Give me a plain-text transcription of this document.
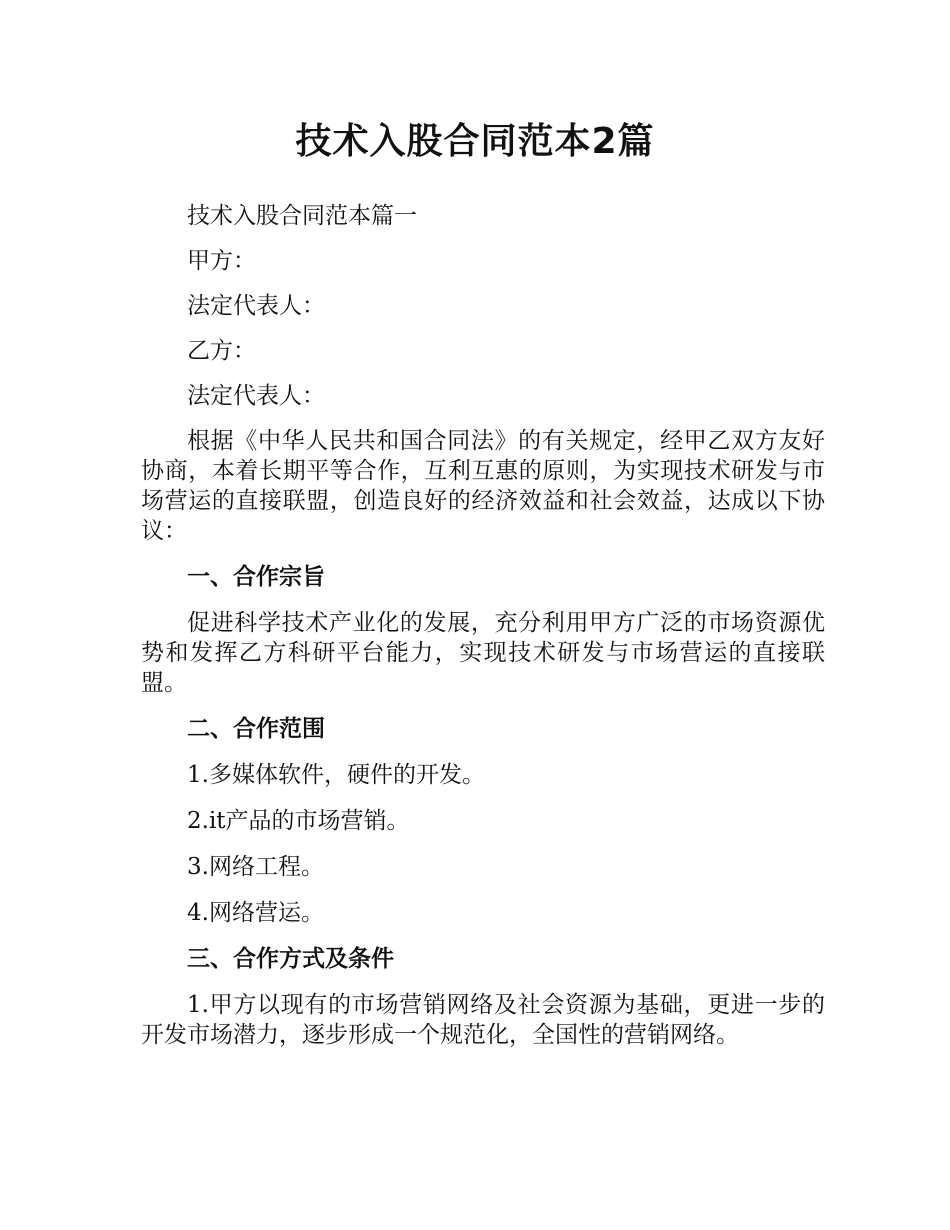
技术入股合同范本2篇

技术入股合同范本篇一

甲方：

法定代表人：

乙方：

法定代表人：

根据《中华人民共和国合同法》的有关规定，经甲乙双方友好协商，本着长期平等合作，互利互惠的原则，为实现技术研发与市场营运的直接联盟，创造良好的经济效益和社会效益，达成以下协议：

一、合作宗旨

促进科学技术产业化的发展，充分利用甲方广泛的市场资源优势和发挥乙方科研平台能力，实现技术研发与市场营运的直接联盟。

二、合作范围

1.多媒体软件，硬件的开发。

2.it产品的市场营销。

3.网络工程。

4.网络营运。

三、合作方式及条件

1.甲方以现有的市场营销网络及社会资源为基础，更进一步的开发市场潜力，逐步形成一个规范化，全国性的营销网络。
